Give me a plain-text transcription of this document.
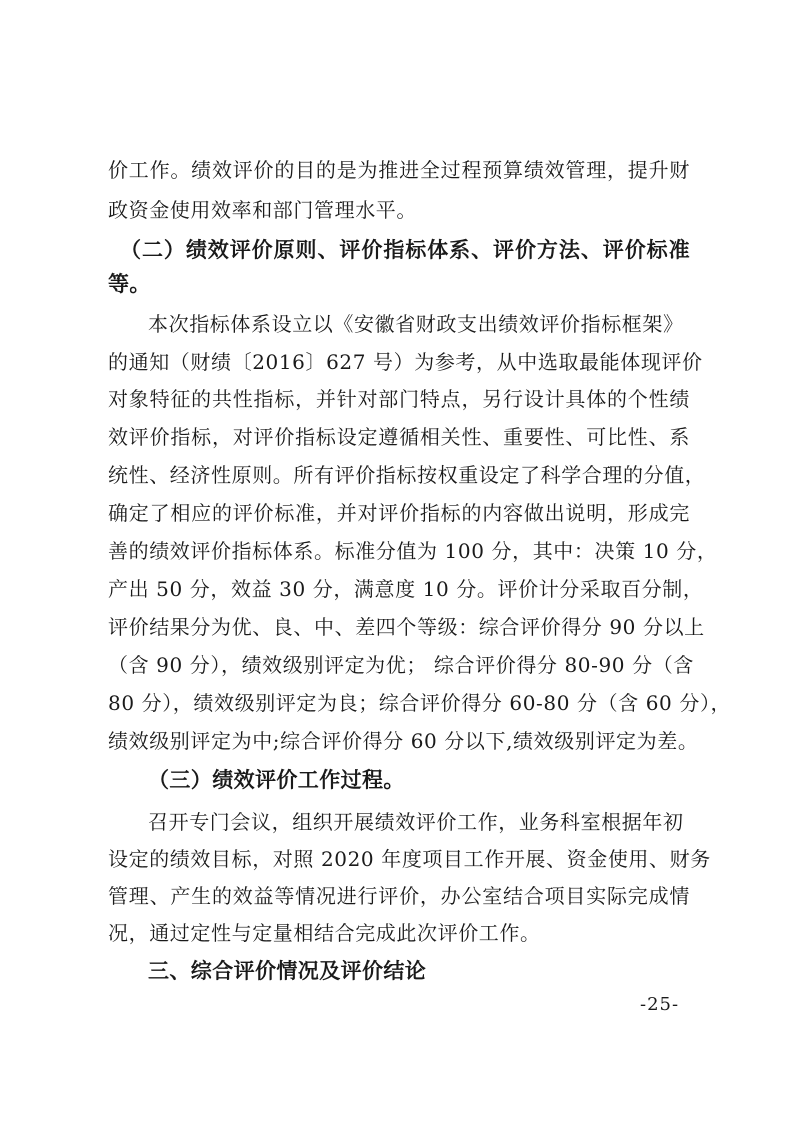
价工作。绩效评价的目的是为推进全过程预算绩效管理，提升财
政资金使用效率和部门管理水平。
（二）绩效评价原则、评价指标体系、评价方法、评价标准
等。
本次指标体系设立以《安徽省财政支出绩效评价指标框架》
的通知（财绩〔2016〕627 号）为参考，从中选取最能体现评价
对象特征的共性指标，并针对部门特点，另行设计具体的个性绩
效评价指标，对评价指标设定遵循相关性、重要性、可比性、系
统性、经济性原则。所有评价指标按权重设定了科学合理的分值，
确定了相应的评价标准，并对评价指标的内容做出说明，形成完
善的绩效评价指标体系。标准分值为 100 分，其中：决策 10 分，
产出 50 分，效益 30 分，满意度 10 分。评价计分采取百分制，
评价结果分为优、良、中、差四个等级：综合评价得分 90 分以上
（含 90 分），绩效级别评定为优； 综合评价得分 80-90 分（含
80 分），绩效级别评定为良；综合评价得分 60-80 分（含 60 分），
绩效级别评定为中;综合评价得分 60 分以下,绩效级别评定为差。
（三）绩效评价工作过程。
召开专门会议，组织开展绩效评价工作，业务科室根据年初
设定的绩效目标，对照 2020 年度项目工作开展、资金使用、财务
管理、产生的效益等情况进行评价，办公室结合项目实际完成情
况，通过定性与定量相结合完成此次评价工作。
三、综合评价情况及评价结论
-25-
